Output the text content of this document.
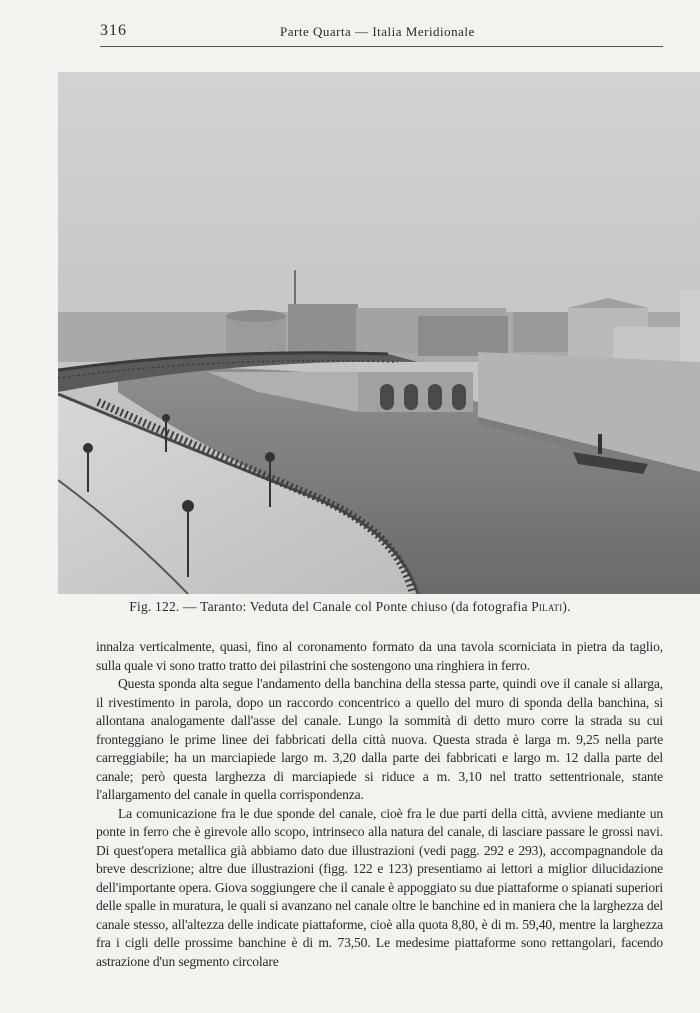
316	Parte Quarta — Italia Meridionale
Fig. 122. — Taranto: Veduta del Canale col Ponte chiuso (da fotografia Pilati).

innalza verticalmente, quasi, fino al coronamento formato da una tavola scorniciata in pietra da taglio, sulla quale vi sono tratto tratto dei pilastrini che sostengono una ringhiera in ferro.

Questa sponda alta segue l'andamento della banchina della stessa parte, quindi ove il canale si allarga, il rivestimento in parola, dopo un raccordo concentrico a quello del muro di sponda della banchina, si allontana analogamente dall'asse del canale. Lungo la sommità di detto muro corre la strada su cui fronteggiano le prime linee dei fabbricati della città nuova. Questa strada è larga m. 9,25 nella parte carreggiabile; ha un marciapiede largo m. 3,20 dalla parte dei fabbricati e largo m. 12 dalla parte del canale; però questa larghezza di marciapiede si riduce a m. 3,10 nel tratto settentrionale, stante l'allargamento del canale in quella corrispondenza.

La comunicazione fra le due sponde del canale, cioè fra le due parti della città, avviene mediante un ponte in ferro che è girevole allo scopo, intrinseco alla natura del canale, di lasciare passare le grossi navi. Di quest'opera metallica già abbiamo dato due illustrazioni (vedi pagg. 292 e 293), accompagnandole da breve descrizione; altre due illustrazioni (figg. 122 e 123) presentiamo ai lettori a miglior dilucidazione dell'importante opera. Giova soggiungere che il canale è appoggiato su due piattaforme o spianati superiori delle spalle in muratura, le quali si avanzano nel canale oltre le banchine ed in maniera che la larghezza del canale stesso, all'altezza delle indicate piattaforme, cioè alla quota 8,80, è di m. 59,40, mentre la larghezza fra i cigli delle prossime banchine è di m. 73,50. Le medesime piattaforme sono rettangolari, facendo astrazione d'un segmento circolare
